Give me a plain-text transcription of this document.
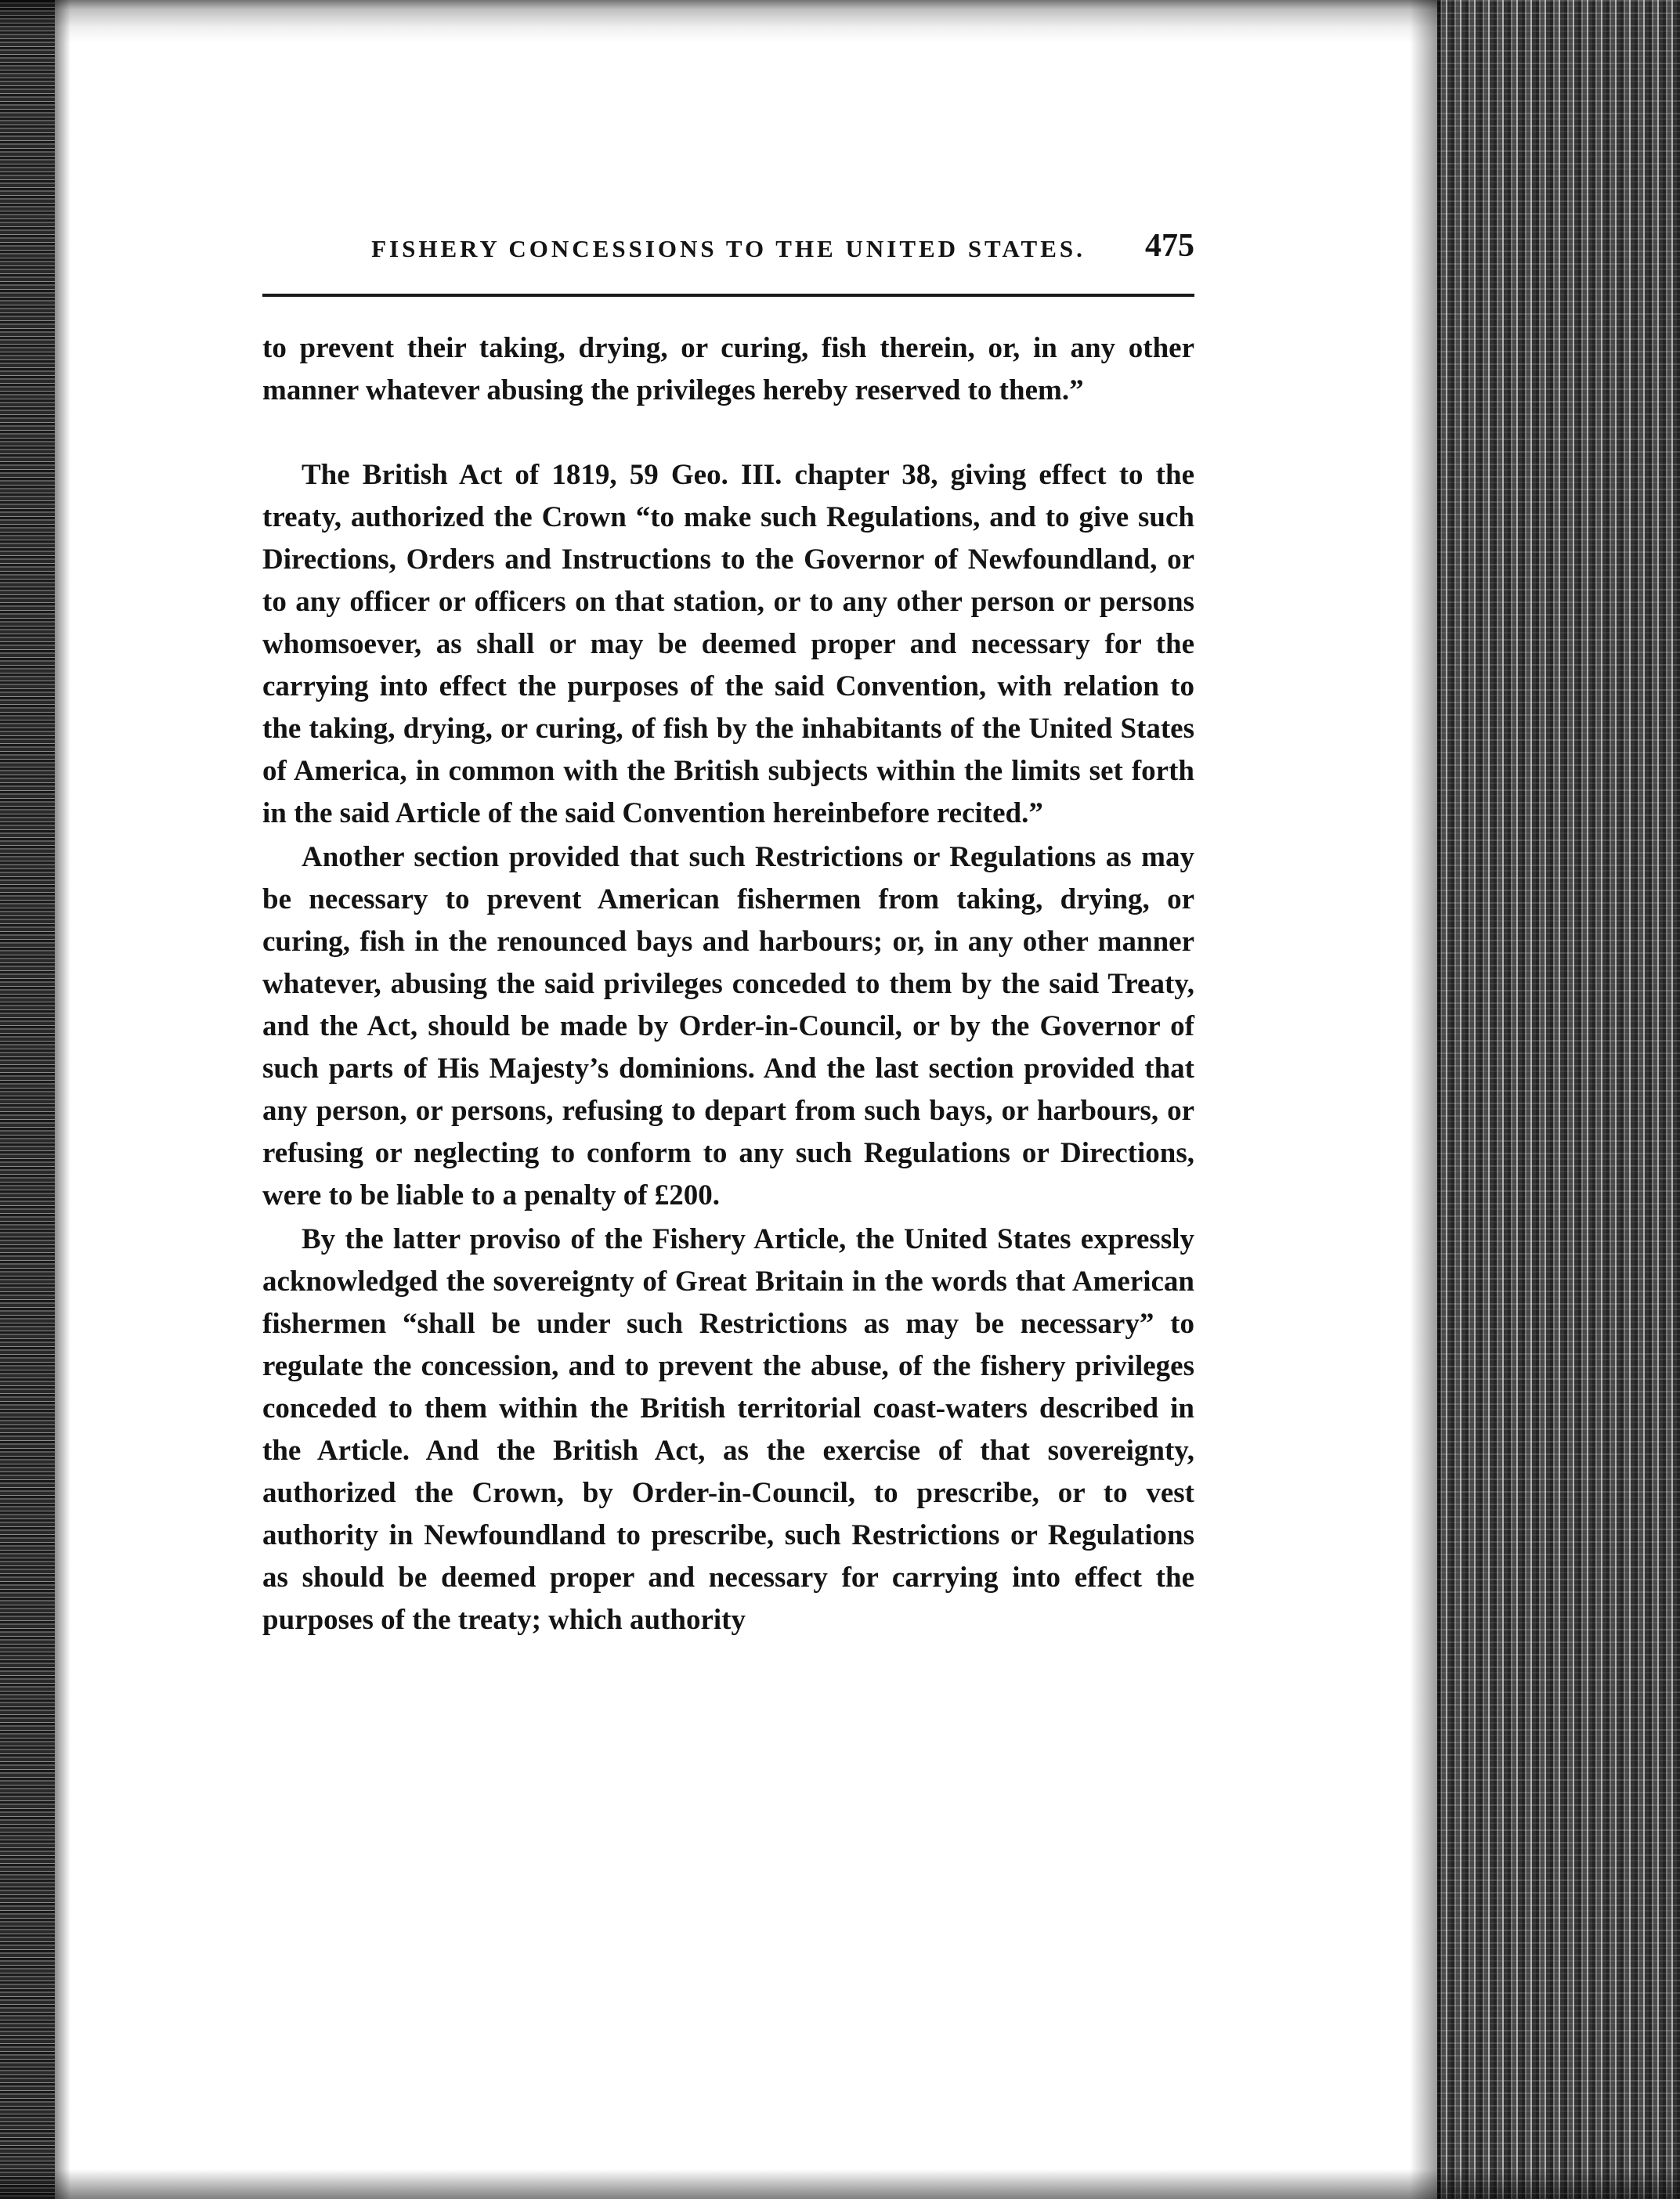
FISHERY CONCESSIONS TO THE UNITED STATES.	475

to prevent their taking, drying, or curing, fish therein, or, in any other manner whatever abusing the privileges hereby reserved to them.”

The British Act of 1819, 59 Geo. III. chapter 38, giving effect to the treaty, authorized the Crown “to make such Regulations, and to give such Directions, Orders and Instructions to the Governor of Newfoundland, or to any officer or officers on that station, or to any other person or persons whomsoever, as shall or may be deemed proper and necessary for the carrying into effect the purposes of the said Convention, with relation to the taking, drying, or curing, of fish by the inhabitants of the United States of America, in common with the British subjects within the limits set forth in the said Article of the said Convention hereinbefore recited.”

Another section provided that such Restrictions or Regulations as may be necessary to prevent American fishermen from taking, drying, or curing, fish in the renounced bays and harbours; or, in any other manner whatever, abusing the said privileges conceded to them by the said Treaty, and the Act, should be made by Order-in-Council, or by the Governor of such parts of His Majesty’s dominions. And the last section provided that any person, or persons, refusing to depart from such bays, or harbours, or refusing or neglecting to conform to any such Regulations or Directions, were to be liable to a penalty of £200.

By the latter proviso of the Fishery Article, the United States expressly acknowledged the sovereignty of Great Britain in the words that American fishermen “shall be under such Restrictions as may be necessary” to regulate the concession, and to prevent the abuse, of the fishery privileges conceded to them within the British territorial coast-waters described in the Article. And the British Act, as the exercise of that sovereignty, authorized the Crown, by Order-in-Council, to prescribe, or to vest authority in Newfoundland to prescribe, such Restrictions or Regulations as should be deemed proper and necessary for carrying into effect the purposes of the treaty; which authority
